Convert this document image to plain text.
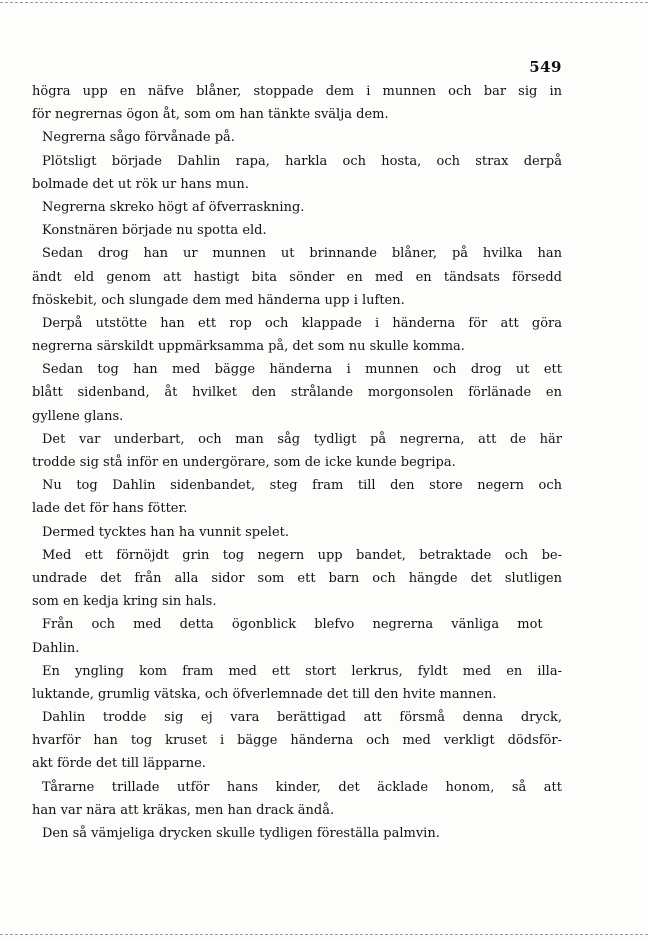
549
högra upp en näfve blåner, stoppade dem i munnen och bar sig in
för negrernas ögon åt, som om han tänkte svälja dem.
Negrerna sågo förvånade på.
Plötsligt började Dahlin rapa, harkla och hosta, och strax derpå
bolmade det ut rök ur hans mun.
Negrerna skreko högt af öfverraskning.
Konstnären började nu spotta eld.
Sedan drog han ur munnen ut brinnande blåner, på hvilka han
ändt eld genom att hastigt bita sönder en med en tändsats försedd
fnöskebit, och slungade dem med händerna upp i luften.
Derpå utstötte han ett rop och klappade i händerna för att göra
negrerna särskildt uppmärksamma på, det som nu skulle komma.
Sedan tog han med bägge händerna i munnen och drog ut ett
blått sidenband, åt hvilket den strålande morgonsolen förlänade en
gyllene glans.
Det var underbart, och man såg tydligt på negrerna, att de här
trodde sig stå inför en undergörare, som de icke kunde begripa.
Nu tog Dahlin sidenbandet, steg fram till den store negern och
lade det för hans fötter.
Dermed tycktes han ha vunnit spelet.
Med ett förnöjdt grin tog negern upp bandet, betraktade och be-
undrade det från alla sidor som ett barn och hängde det slutligen
som en kedja kring sin hals.
Från och med detta ögonblick blefvo negrerna vänliga mot
Dahlin.
En yngling kom fram med ett stort lerkrus, fyldt med en illa-
luktande, grumlig vätska, och öfverlemnade det till den hvite mannen.
Dahlin trodde sig ej vara berättigad att försmå denna dryck,
hvarför han tog kruset i bägge händerna och med verkligt dödsför-
akt förde det till läpparne.
Tårarne trillade utför hans kinder, det äcklade honom, så att
han var nära att kräkas, men han drack ändå.
Den så vämjeliga drycken skulle tydligen föreställa palmvin.
